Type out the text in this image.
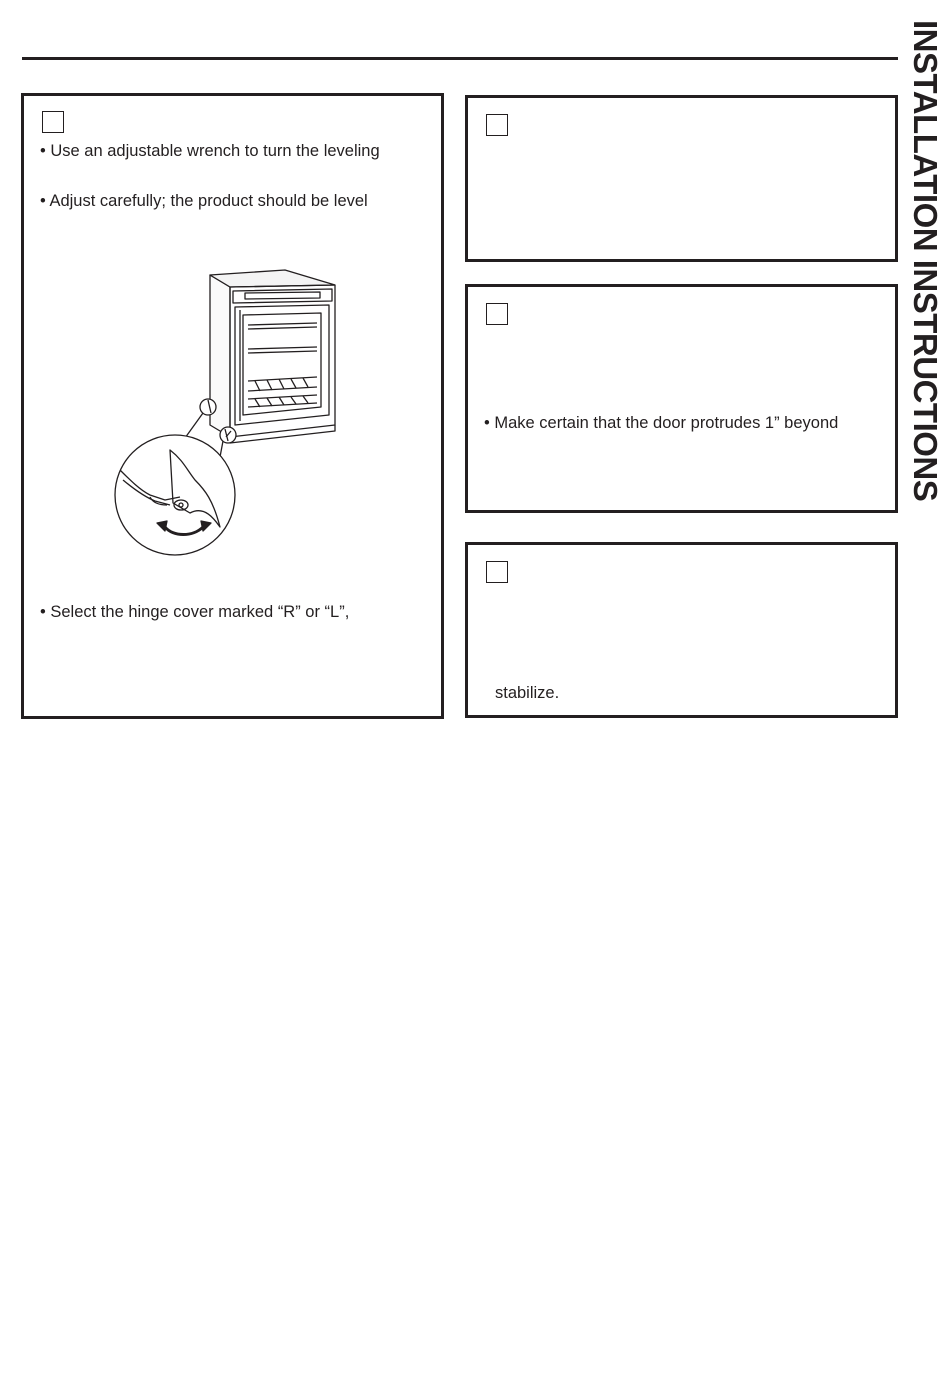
INSTALLATION INSTRUCTIONS
• Use an adjustable wrench to turn the leveling
• Adjust carefully; the product should be level
• Select the hinge cover marked “R” or “L”,
• Make certain that the door protrudes 1” beyond
stabilize.
